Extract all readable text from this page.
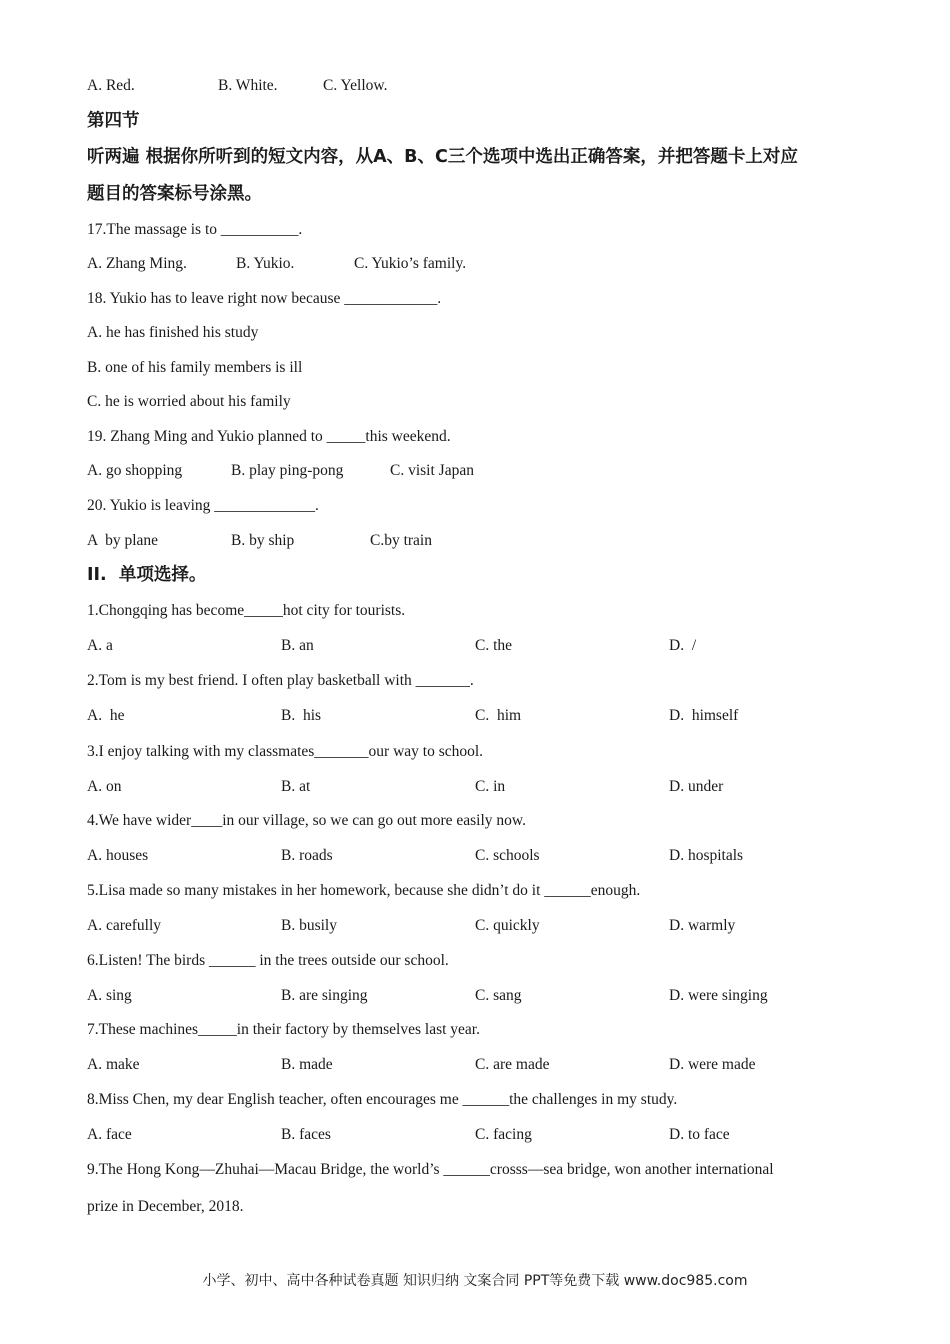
A. Red.	B. White.	C. Yellow.
第四节
听两遍 根据你所听到的短文内容，从A、B、C三个选项中选出正确答案，并把答题卡上对应
题目的答案标号涂黑。
17.The massage is to __________.
A. Zhang Ming.	B. Yukio.	C. Yukio’s family.
18. Yukio has to leave right now because ____________.
A. he has finished his study
B. one of his family members is ill
C. he is worried about his family
19. Zhang Ming and Yukio planned to _____this weekend.
A. go shopping	B. play ping-pong	C. visit Japan
20. Yukio is leaving _____________.
A  by plane	B. by ship	C.by train
II.  单项选择。
1.Chongqing has become_____hot city for tourists.
A. a	B. an	C. the	D.  /
2.Tom is my best friend. I often play basketball with _______.
A.  he	B.  his	C.  him	D.  himself
3.I enjoy talking with my classmates_______our way to school.
A. on	B. at	C. in	D. under
4.We have wider____in our village, so we can go out more easily now.
A. houses	B. roads	C. schools	D. hospitals
5.Lisa made so many mistakes in her homework, because she didn’t do it ______enough.
A. carefully	B. busily	C. quickly	D. warmly
6.Listen! The birds ______ in the trees outside our school.
A. sing	B. are singing	C. sang	D. were singing
7.These machines_____in their factory by themselves last year.
A. make	B. made	C. are made	D. were made
8.Miss Chen, my dear English teacher, often encourages me ______the challenges in my study.
A. face	B. faces	C. facing	D. to face
9.The Hong Kong—Zhuhai—Macau Bridge, the world’s ______crosss—sea bridge, won another international
prize in December, 2018.
小学、初中、高中各种试卷真题 知识归纳 文案合同 PPT等免费下载 www.doc985.com
